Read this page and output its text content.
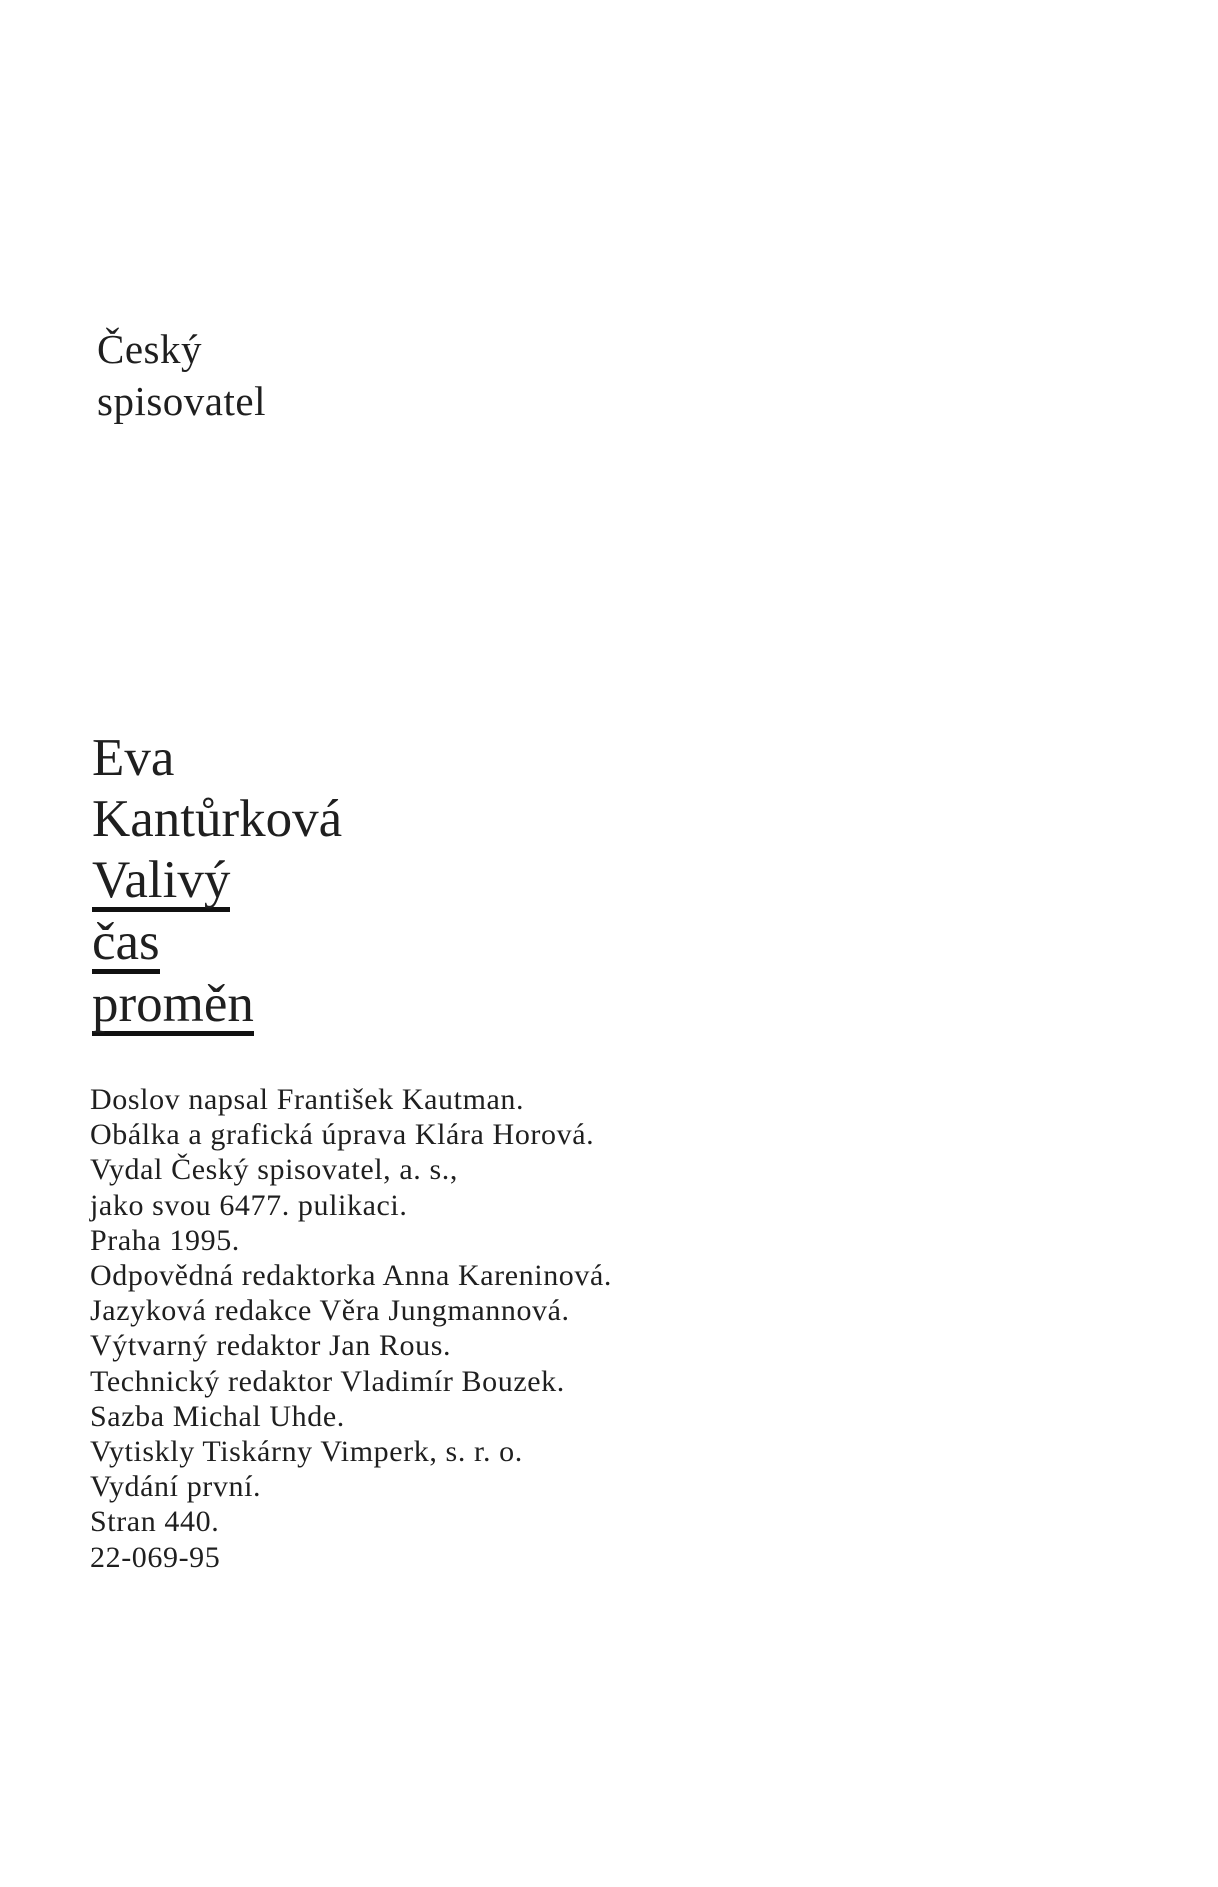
Český
spisovatel
Eva
Kantůrková
Valivý
čas
proměn
Doslov napsal František Kautman.
Obálka a grafická úprava Klára Horová.
Vydal Český spisovatel, a. s.,
jako svou 6477. pulikaci.
Praha 1995.
Odpovědná redaktorka Anna Kareninová.
Jazyková redakce Věra Jungmannová.
Výtvarný redaktor Jan Rous.
Technický redaktor Vladimír Bouzek.
Sazba Michal Uhde.
Vytiskly Tiskárny Vimperk, s. r. o.
Vydání první.
Stran 440.
22-069-95
